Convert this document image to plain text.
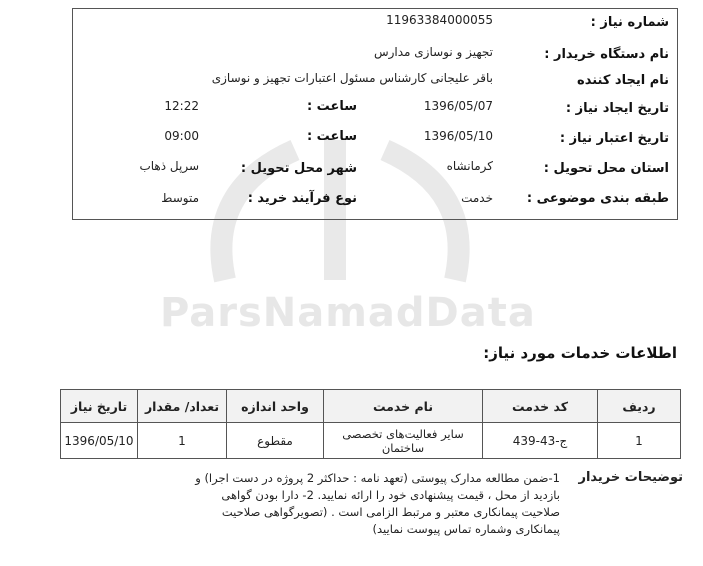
ParsNamadData
شماره نیاز :
11963384000055
نام دستگاه خریدار :
تجهیز و نوسازی مدارس
نام ایجاد کننده
باقر علیجانی کارشناس مسئول اعتبارات تجهیز و نوسازی
تاریخ ایجاد نیاز :
1396/05/07
ساعت :
12:22
تاریخ اعتبار نیاز :
1396/05/10
ساعت :
09:00
استان محل تحویل :
کرمانشاه
شهر محل تحویل :
سرپل ذهاب
طبقه بندی موضوعی :
خدمت
نوع فرآیند خرید :
متوسط
اطلاعات خدمات مورد نیاز:
ردیف	کد خدمت	نام خدمت	واحد اندازه	تعداد/ مقدار	تاریخ نیاز
1	ج-43-439	سایر فعالیت‌های تخصصی ساختمان	مقطوع	1	1396/05/10
توضیحات خریدار
1-ضمن مطالعه مدارک پیوستی (تعهد نامه : حداکثر 2 پروژه در دست اجرا) و بازدید از محل ، قیمت پیشنهادی خود را ارائه نمایید. 2- دارا بودن گواهی صلاحیت پیمانکاری معتبر و مرتبط الزامی است . (تصویرگواهی صلاحیت پیمانکاری وشماره تماس پیوست نمایید)
